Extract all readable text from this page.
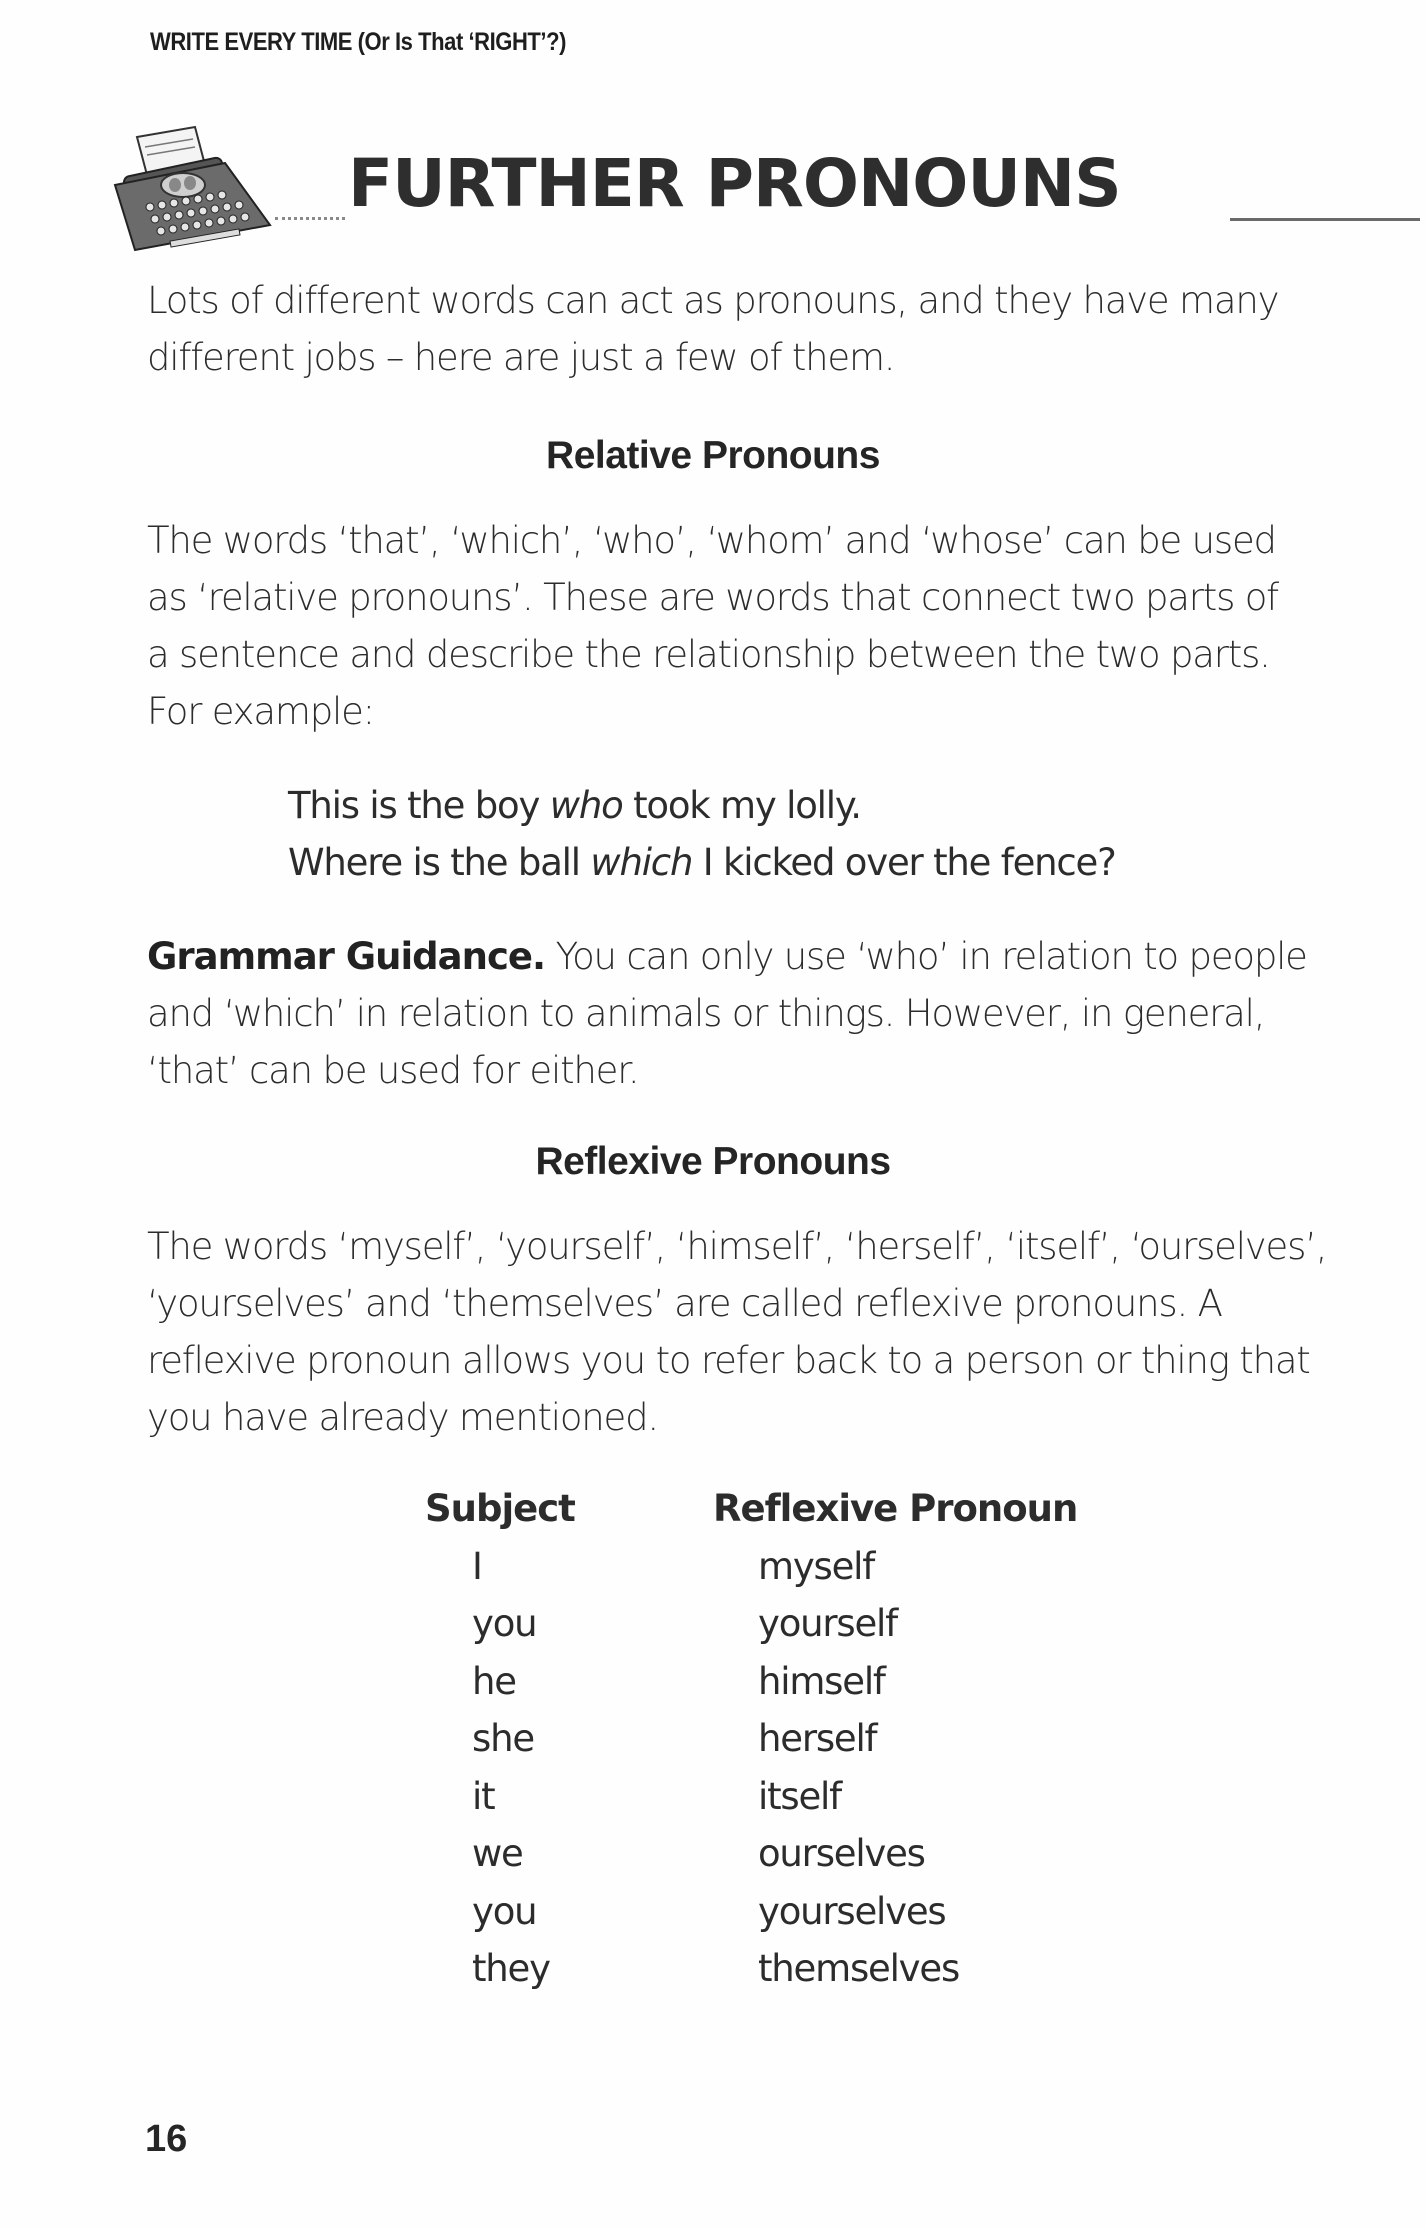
WRITE EVERY TIME (Or Is That ‘RIGHT’?)
FURTHER PRONOUNS

Lots of different words can act as pronouns, and they have many different jobs – here are just a few of them.

Relative Pronouns

The words ‘that’, ‘which’, ‘who’, ‘whom’ and ‘whose’ can be used as ‘relative pronouns’. These are words that connect two parts of a sentence and describe the relationship between the two parts. For example:

This is the boy who took my lolly.
Where is the ball which I kicked over the fence?

Grammar Guidance. You can only use ‘who’ in relation to people and ‘which’ in relation to animals or things. However, in general, ‘that’ can be used for either.

Reflexive Pronouns

The words ‘myself’, ‘yourself’, ‘himself’, ‘herself’, ‘itself’, ‘ourselves’, ‘yourselves’ and ‘themselves’ are called reflexive pronouns. A reflexive pronoun allows you to refer back to a person or thing that you have already mentioned.

Subject	Reflexive Pronoun
I	myself
you	yourself
he	himself
she	herself
it	itself
we	ourselves
you	yourselves
they	themselves
16
